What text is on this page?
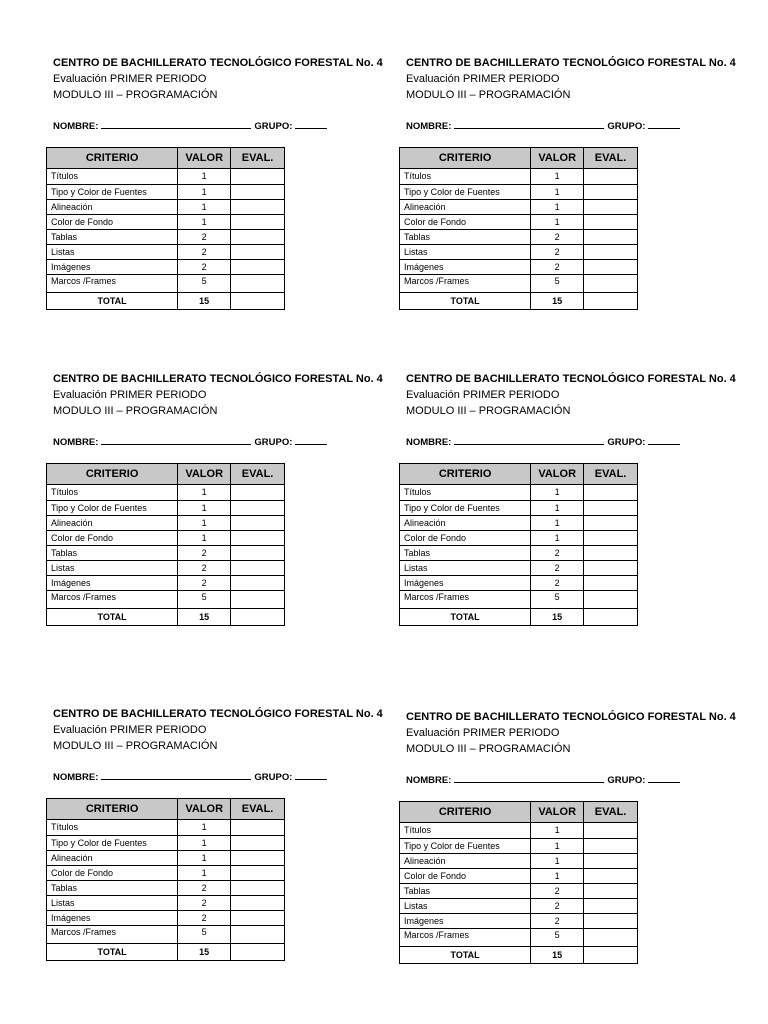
CENTRO DE BACHILLERATO TECNOLÓGICO FORESTAL No. 4
Evaluación PRIMER PERIODO
MODULO III – PROGRAMACIÓN
NOMBRE:	GRUPO:
CRITERIO	VALOR	EVAL.
Títulos	1	
Tipo y Color de Fuentes	1	
Alineación	1	
Color de Fondo	1	
Tablas	2	
Listas	2	
Imágenes	2	
Marcos /Frames	5	
TOTAL	15	
CENTRO DE BACHILLERATO TECNOLÓGICO FORESTAL No. 4
Evaluación PRIMER PERIODO
MODULO III – PROGRAMACIÓN
NOMBRE:	GRUPO:
CRITERIO	VALOR	EVAL.
Títulos	1	
Tipo y Color de Fuentes	1	
Alineación	1	
Color de Fondo	1	
Tablas	2	
Listas	2	
Imágenes	2	
Marcos /Frames	5	
TOTAL	15	
CENTRO DE BACHILLERATO TECNOLÓGICO FORESTAL No. 4
Evaluación PRIMER PERIODO
MODULO III – PROGRAMACIÓN
NOMBRE:	GRUPO:
CRITERIO	VALOR	EVAL.
Títulos	1	
Tipo y Color de Fuentes	1	
Alineación	1	
Color de Fondo	1	
Tablas	2	
Listas	2	
Imágenes	2	
Marcos /Frames	5	
TOTAL	15	
CENTRO DE BACHILLERATO TECNOLÓGICO FORESTAL No. 4
Evaluación PRIMER PERIODO
MODULO III – PROGRAMACIÓN
NOMBRE:	GRUPO:
CRITERIO	VALOR	EVAL.
Títulos	1	
Tipo y Color de Fuentes	1	
Alineación	1	
Color de Fondo	1	
Tablas	2	
Listas	2	
Imágenes	2	
Marcos /Frames	5	
TOTAL	15	
CENTRO DE BACHILLERATO TECNOLÓGICO FORESTAL No. 4
Evaluación PRIMER PERIODO
MODULO III – PROGRAMACIÓN
NOMBRE:	GRUPO:
CRITERIO	VALOR	EVAL.
Títulos	1	
Tipo y Color de Fuentes	1	
Alineación	1	
Color de Fondo	1	
Tablas	2	
Listas	2	
Imágenes	2	
Marcos /Frames	5	
TOTAL	15	
CENTRO DE BACHILLERATO TECNOLÓGICO FORESTAL No. 4
Evaluación PRIMER PERIODO
MODULO III – PROGRAMACIÓN
NOMBRE:	GRUPO:
CRITERIO	VALOR	EVAL.
Títulos	1	
Tipo y Color de Fuentes	1	
Alineación	1	
Color de Fondo	1	
Tablas	2	
Listas	2	
Imágenes	2	
Marcos /Frames	5	
TOTAL	15	
